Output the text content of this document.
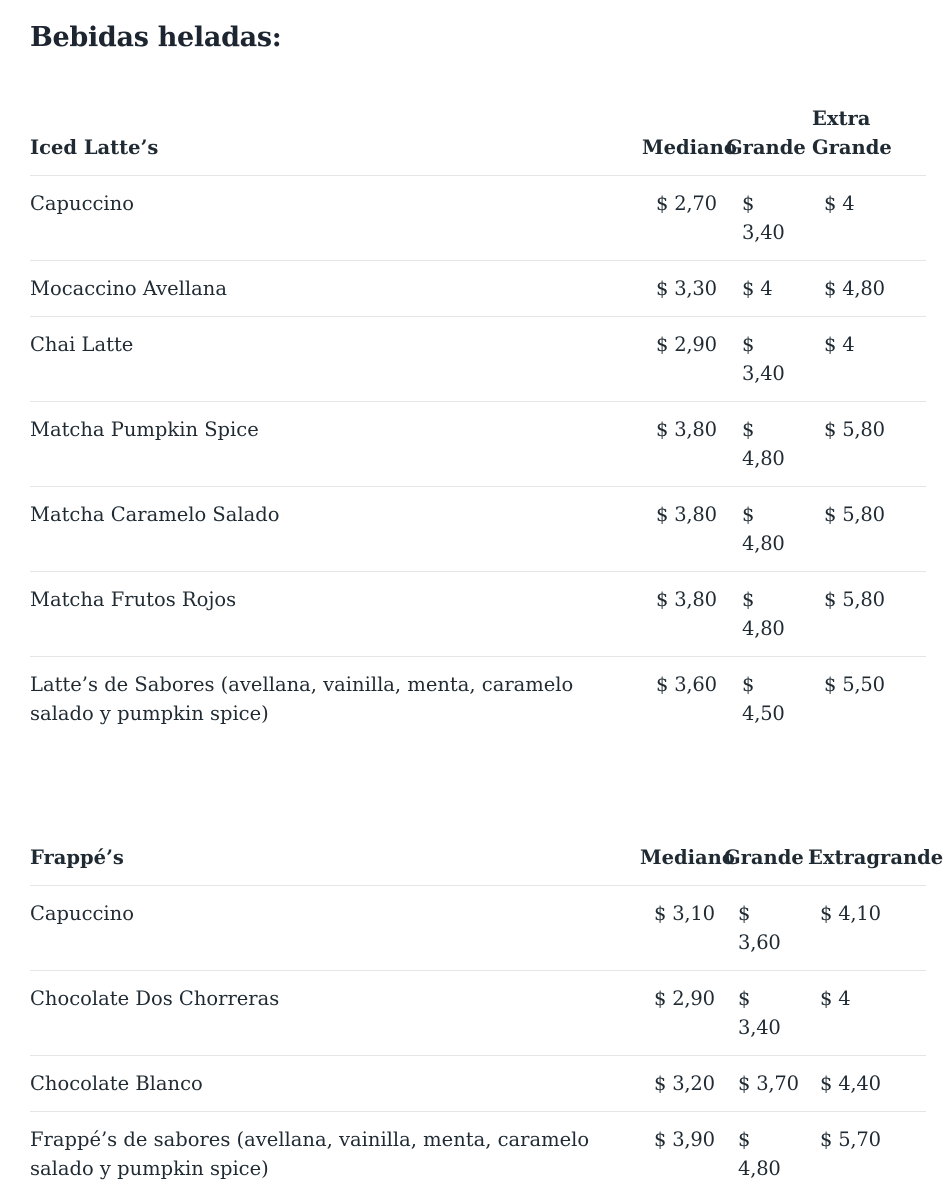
Bebidas heladas:
Iced Latte’s	Mediano	Grande	Extra Grande
Capuccino	$ 2,70	$ 3,40	$ 4
Mocaccino Avellana	$ 3,30	$ 4	$ 4,80
Chai Latte	$ 2,90	$ 3,40	$ 4
Matcha Pumpkin Spice	$ 3,80	$ 4,80	$ 5,80
Matcha Caramelo Salado	$ 3,80	$ 4,80	$ 5,80
Matcha Frutos Rojos	$ 3,80	$ 4,80	$ 5,80
Latte’s de Sabores (avellana, vainilla, menta, caramelo salado y pumpkin spice)	$ 3,60	$ 4,50	$ 5,50
Frappé’s	Mediano	Grande	Extragrande
Capuccino	$ 3,10	$ 3,60	$ 4,10
Chocolate Dos Chorreras	$ 2,90	$ 3,40	$ 4
Chocolate Blanco	$ 3,20	$ 3,70	$ 4,40
Frappé’s de sabores (avellana, vainilla, menta, caramelo salado y pumpkin spice)	$ 3,90	$ 4,80	$ 5,70
